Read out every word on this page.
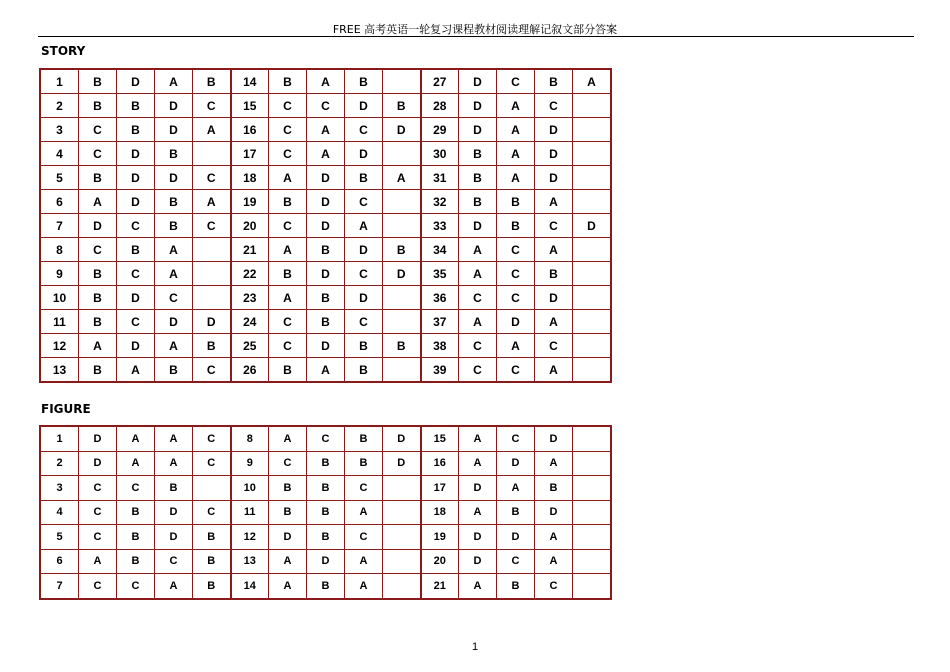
FREE 高考英语一轮复习课程教材阅读理解记叙文部分答案
STORY
1	B	D	A	B	14	B	A	B		27	D	C	B	A
2	B	B	D	C	15	C	C	D	B	28	D	A	C	
3	C	B	D	A	16	C	A	C	D	29	D	A	D	
4	C	D	B		17	C	A	D		30	B	A	D	
5	B	D	D	C	18	A	D	B	A	31	B	A	D	
6	A	D	B	A	19	B	D	C		32	B	B	A	
7	D	C	B	C	20	C	D	A		33	D	B	C	D
8	C	B	A		21	A	B	D	B	34	A	C	A	
9	B	C	A		22	B	D	C	D	35	A	C	B	
10	B	D	C		23	A	B	D		36	C	C	D	
11	B	C	D	D	24	C	B	C		37	A	D	A	
12	A	D	A	B	25	C	D	B	B	38	C	A	C	
13	B	A	B	C	26	B	A	B		39	C	C	A	
FIGURE
1	D	A	A	C	8	A	C	B	D	15	A	C	D	
2	D	A	A	C	9	C	B	B	D	16	A	D	A	
3	C	C	B		10	B	B	C		17	D	A	B	
4	C	B	D	C	11	B	B	A		18	A	B	D	
5	C	B	D	B	12	D	B	C		19	D	D	A	
6	A	B	C	B	13	A	D	A		20	D	C	A	
7	C	C	A	B	14	A	B	A		21	A	B	C	
1
